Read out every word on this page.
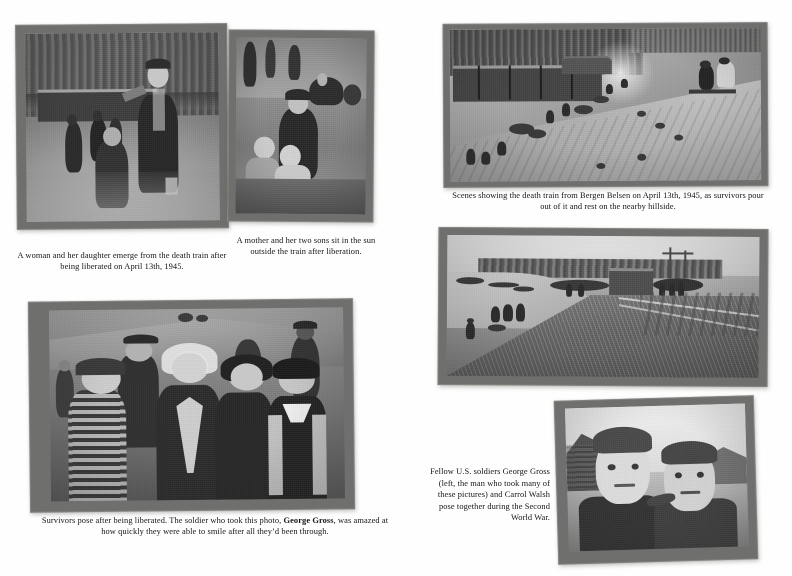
A woman and her daughter emerge from the death train after being liberated on April 13th, 1945.
A mother and her two sons sit in the sun outside the train after liberation.
Scenes showing the death train from Bergen Belsen on April 13th, 1945, as survivors pour out of it and rest on the nearby hillside.
Survivors pose after being liberated. The soldier who took this photo, George Gross, was amazed at how quickly they were able to smile after all they’d been through.
Fellow U.S. soldiers George Gross (left, the man who took many of these pictures) and Carrol Walsh pose together during the Second World War.
